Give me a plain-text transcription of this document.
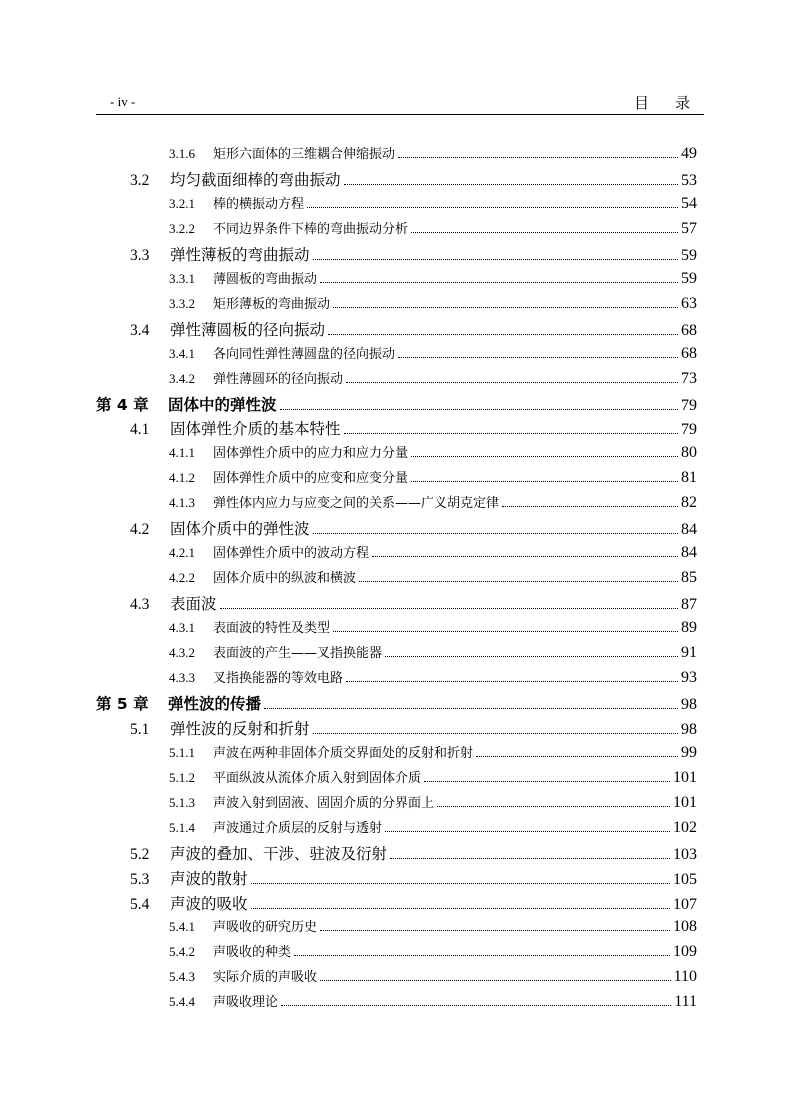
- iv -	目录
3.1.6	矩形六面体的三维耦合伸缩振动	49
3.2	均匀截面细棒的弯曲振动	53
3.2.1	棒的横振动方程	54
3.2.2	不同边界条件下棒的弯曲振动分析	57
3.3	弹性薄板的弯曲振动	59
3.3.1	薄圆板的弯曲振动	59
3.3.2	矩形薄板的弯曲振动	63
3.4	弹性薄圆板的径向振动	68
3.4.1	各向同性弹性薄圆盘的径向振动	68
3.4.2	弹性薄圆环的径向振动	73
第 4 章	固体中的弹性波	79
4.1	固体弹性介质的基本特性	79
4.1.1	固体弹性介质中的应力和应力分量	80
4.1.2	固体弹性介质中的应变和应变分量	81
4.1.3	弹性体内应力与应变之间的关系——广义胡克定律	82
4.2	固体介质中的弹性波	84
4.2.1	固体弹性介质中的波动方程	84
4.2.2	固体介质中的纵波和横波	85
4.3	表面波	87
4.3.1	表面波的特性及类型	89
4.3.2	表面波的产生——叉指换能器	91
4.3.3	叉指换能器的等效电路	93
第 5 章	弹性波的传播	98
5.1	弹性波的反射和折射	98
5.1.1	声波在两种非固体介质交界面处的反射和折射	99
5.1.2	平面纵波从流体介质入射到固体介质	101
5.1.3	声波入射到固液、固固介质的分界面上	101
5.1.4	声波通过介质层的反射与透射	102
5.2	声波的叠加、干涉、驻波及衍射	103
5.3	声波的散射	105
5.4	声波的吸收	107
5.4.1	声吸收的研究历史	108
5.4.2	声吸收的种类	109
5.4.3	实际介质的声吸收	110
5.4.4	声吸收理论	111
